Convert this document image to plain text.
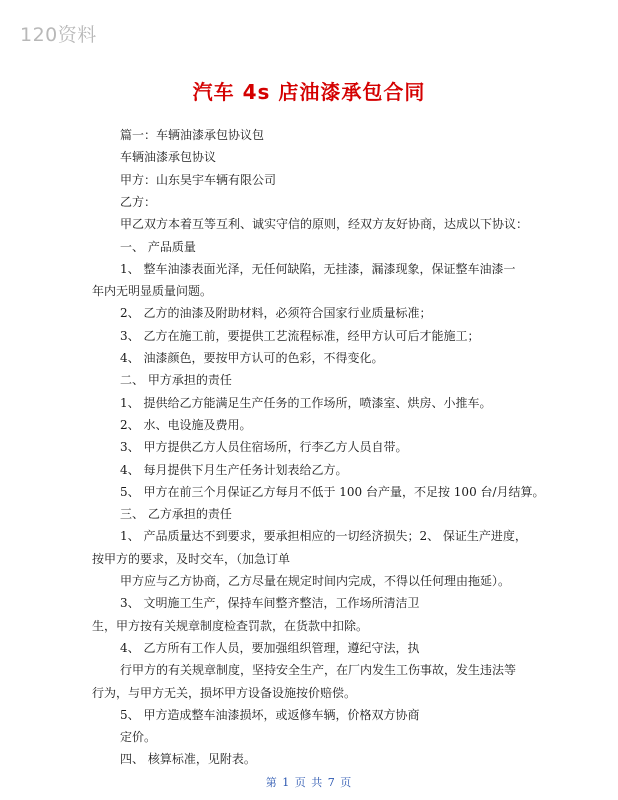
120资料
汽车 4s 店油漆承包合同
篇一：车辆油漆承包协议包
车辆油漆承包协议
甲方：山东昊宇车辆有限公司
乙方：
甲乙双方本着互等互利、诚实守信的原则，经双方友好协商，达成以下协议：
一、 产品质量
1、 整车油漆表面光泽，无任何缺陷，无挂漆，漏漆现象，保证整车油漆一
年内无明显质量问题。
2、 乙方的油漆及附助材料，必须符合国家行业质量标准；
3、 乙方在施工前，要提供工艺流程标准，经甲方认可后才能施工；
4、 油漆颜色，要按甲方认可的色彩，不得变化。
二、 甲方承担的责任
1、 提供给乙方能满足生产任务的工作场所，喷漆室、烘房、小推车。
2、 水、电设施及费用。
3、 甲方提供乙方人员住宿场所，行李乙方人员自带。
4、 每月提供下月生产任务计划表给乙方。
5、 甲方在前三个月保证乙方每月不低于 100 台产量，不足按 100 台/月结算。
三、 乙方承担的责任
1、 产品质量达不到要求，要承担相应的一切经济损失；2、 保证生产进度，
按甲方的要求，及时交车，（加急订单
甲方应与乙方协商，乙方尽量在规定时间内完成，不得以任何理由拖延）。
3、 文明施工生产，保持车间整齐整洁，工作场所清洁卫
生，甲方按有关规章制度检查罚款，在货款中扣除。
4、 乙方所有工作人员，要加强组织管理，遵纪守法，执
行甲方的有关规章制度，坚持安全生产，在厂内发生工伤事故，发生违法等
行为，与甲方无关，损坏甲方设备设施按价赔偿。
5、 甲方造成整车油漆损坏，或返修车辆，价格双方协商
定价。
四、 核算标准，见附表。
第 1 页 共 7 页
